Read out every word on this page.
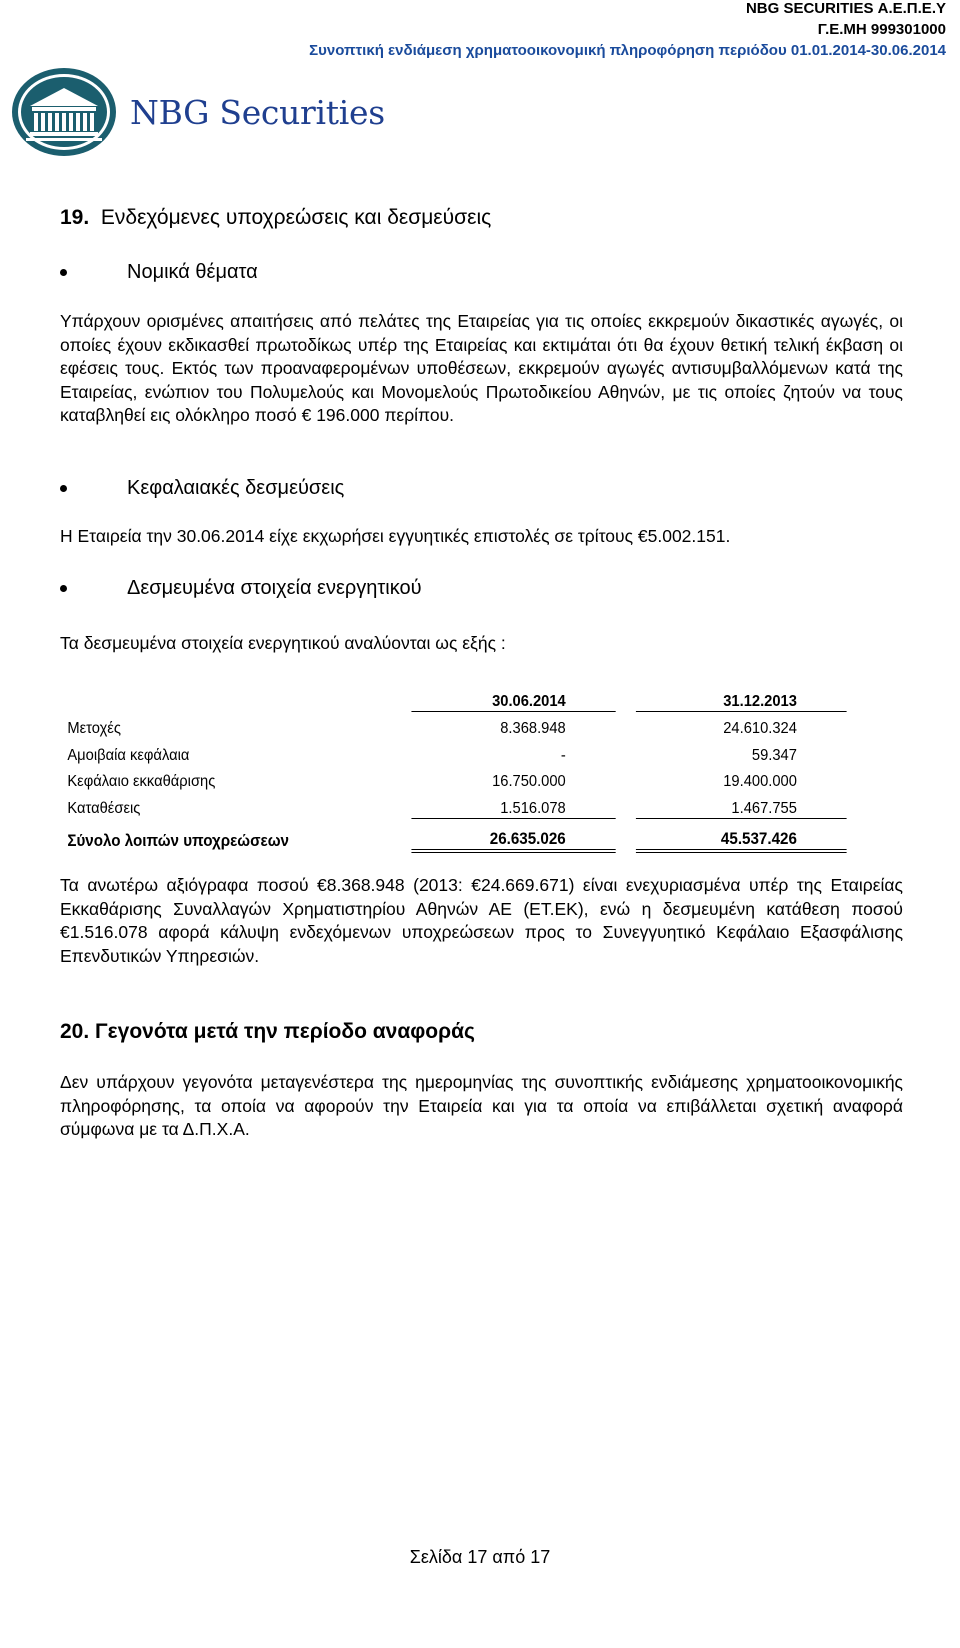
NBG SECURITIES Α.Ε.Π.Ε.Υ
Γ.Ε.ΜΗ 999301000
Συνοπτική ενδιάμεση χρηματοοικονομική πληροφόρηση περιόδου 01.01.2014-30.06.2014
NBG Securities
19. Ενδεχόμενες υποχρεώσεις και δεσμεύσεις
Νομικά θέματα
Υπάρχουν ορισμένες απαιτήσεις από πελάτες της Εταιρείας για τις οποίες εκκρεμούν δικαστικές αγωγές, οι οποίες έχουν εκδικασθεί πρωτοδίκως υπέρ της Εταιρείας και εκτιμάται ότι θα έχουν θετική τελική έκβαση οι εφέσεις τους. Εκτός των προαναφερομένων υποθέσεων, εκκρεμούν αγωγές αντισυμβαλλόμενων κατά της Εταιρείας, ενώπιον του Πολυμελούς και Μονομελούς Πρωτοδικείου Αθηνών, με τις οποίες ζητούν να τους καταβληθεί εις ολόκληρο ποσό € 196.000 περίπου.
Κεφαλαιακές δεσμεύσεις
Η Εταιρεία την 30.06.2014 είχε εκχωρήσει εγγυητικές επιστολές σε τρίτους €5.002.151.
Δεσμευμένα στοιχεία ενεργητικού
Τα δεσμευμένα στοιχεία ενεργητικού αναλύονται ως εξής :
	30.06.2014		31.12.2013
Μετοχές	8.368.948		24.610.324
Αμοιβαία κεφάλαια	-		59.347
Κεφάλαιο εκκαθάρισης	16.750.000		19.400.000
Καταθέσεις	1.516.078		1.467.755
Σύνολο λοιπών υποχρεώσεων	26.635.026		45.537.426
Τα ανωτέρω αξιόγραφα ποσού €8.368.948 (2013: €24.669.671) είναι ενεχυριασμένα υπέρ της Εταιρείας Εκκαθάρισης Συναλλαγών Χρηματιστηρίου Αθηνών ΑΕ (ΕΤ.ΕΚ), ενώ η δεσμευμένη κατάθεση ποσού €1.516.078 αφορά κάλυψη ενδεχόμενων υποχρεώσεων προς το Συνεγγυητικό Κεφάλαιο Εξασφάλισης Επενδυτικών Υπηρεσιών.
20. Γεγονότα μετά την περίοδο αναφοράς
Δεν υπάρχουν γεγονότα μεταγενέστερα της ημερομηνίας της συνοπτικής ενδιάμεσης χρηματοοικονομικής πληροφόρησης, τα οποία να αφορούν την Εταιρεία και για τα οποία να επιβάλλεται σχετική αναφορά σύμφωνα με τα Δ.Π.Χ.Α.
Σελίδα 17 από 17
